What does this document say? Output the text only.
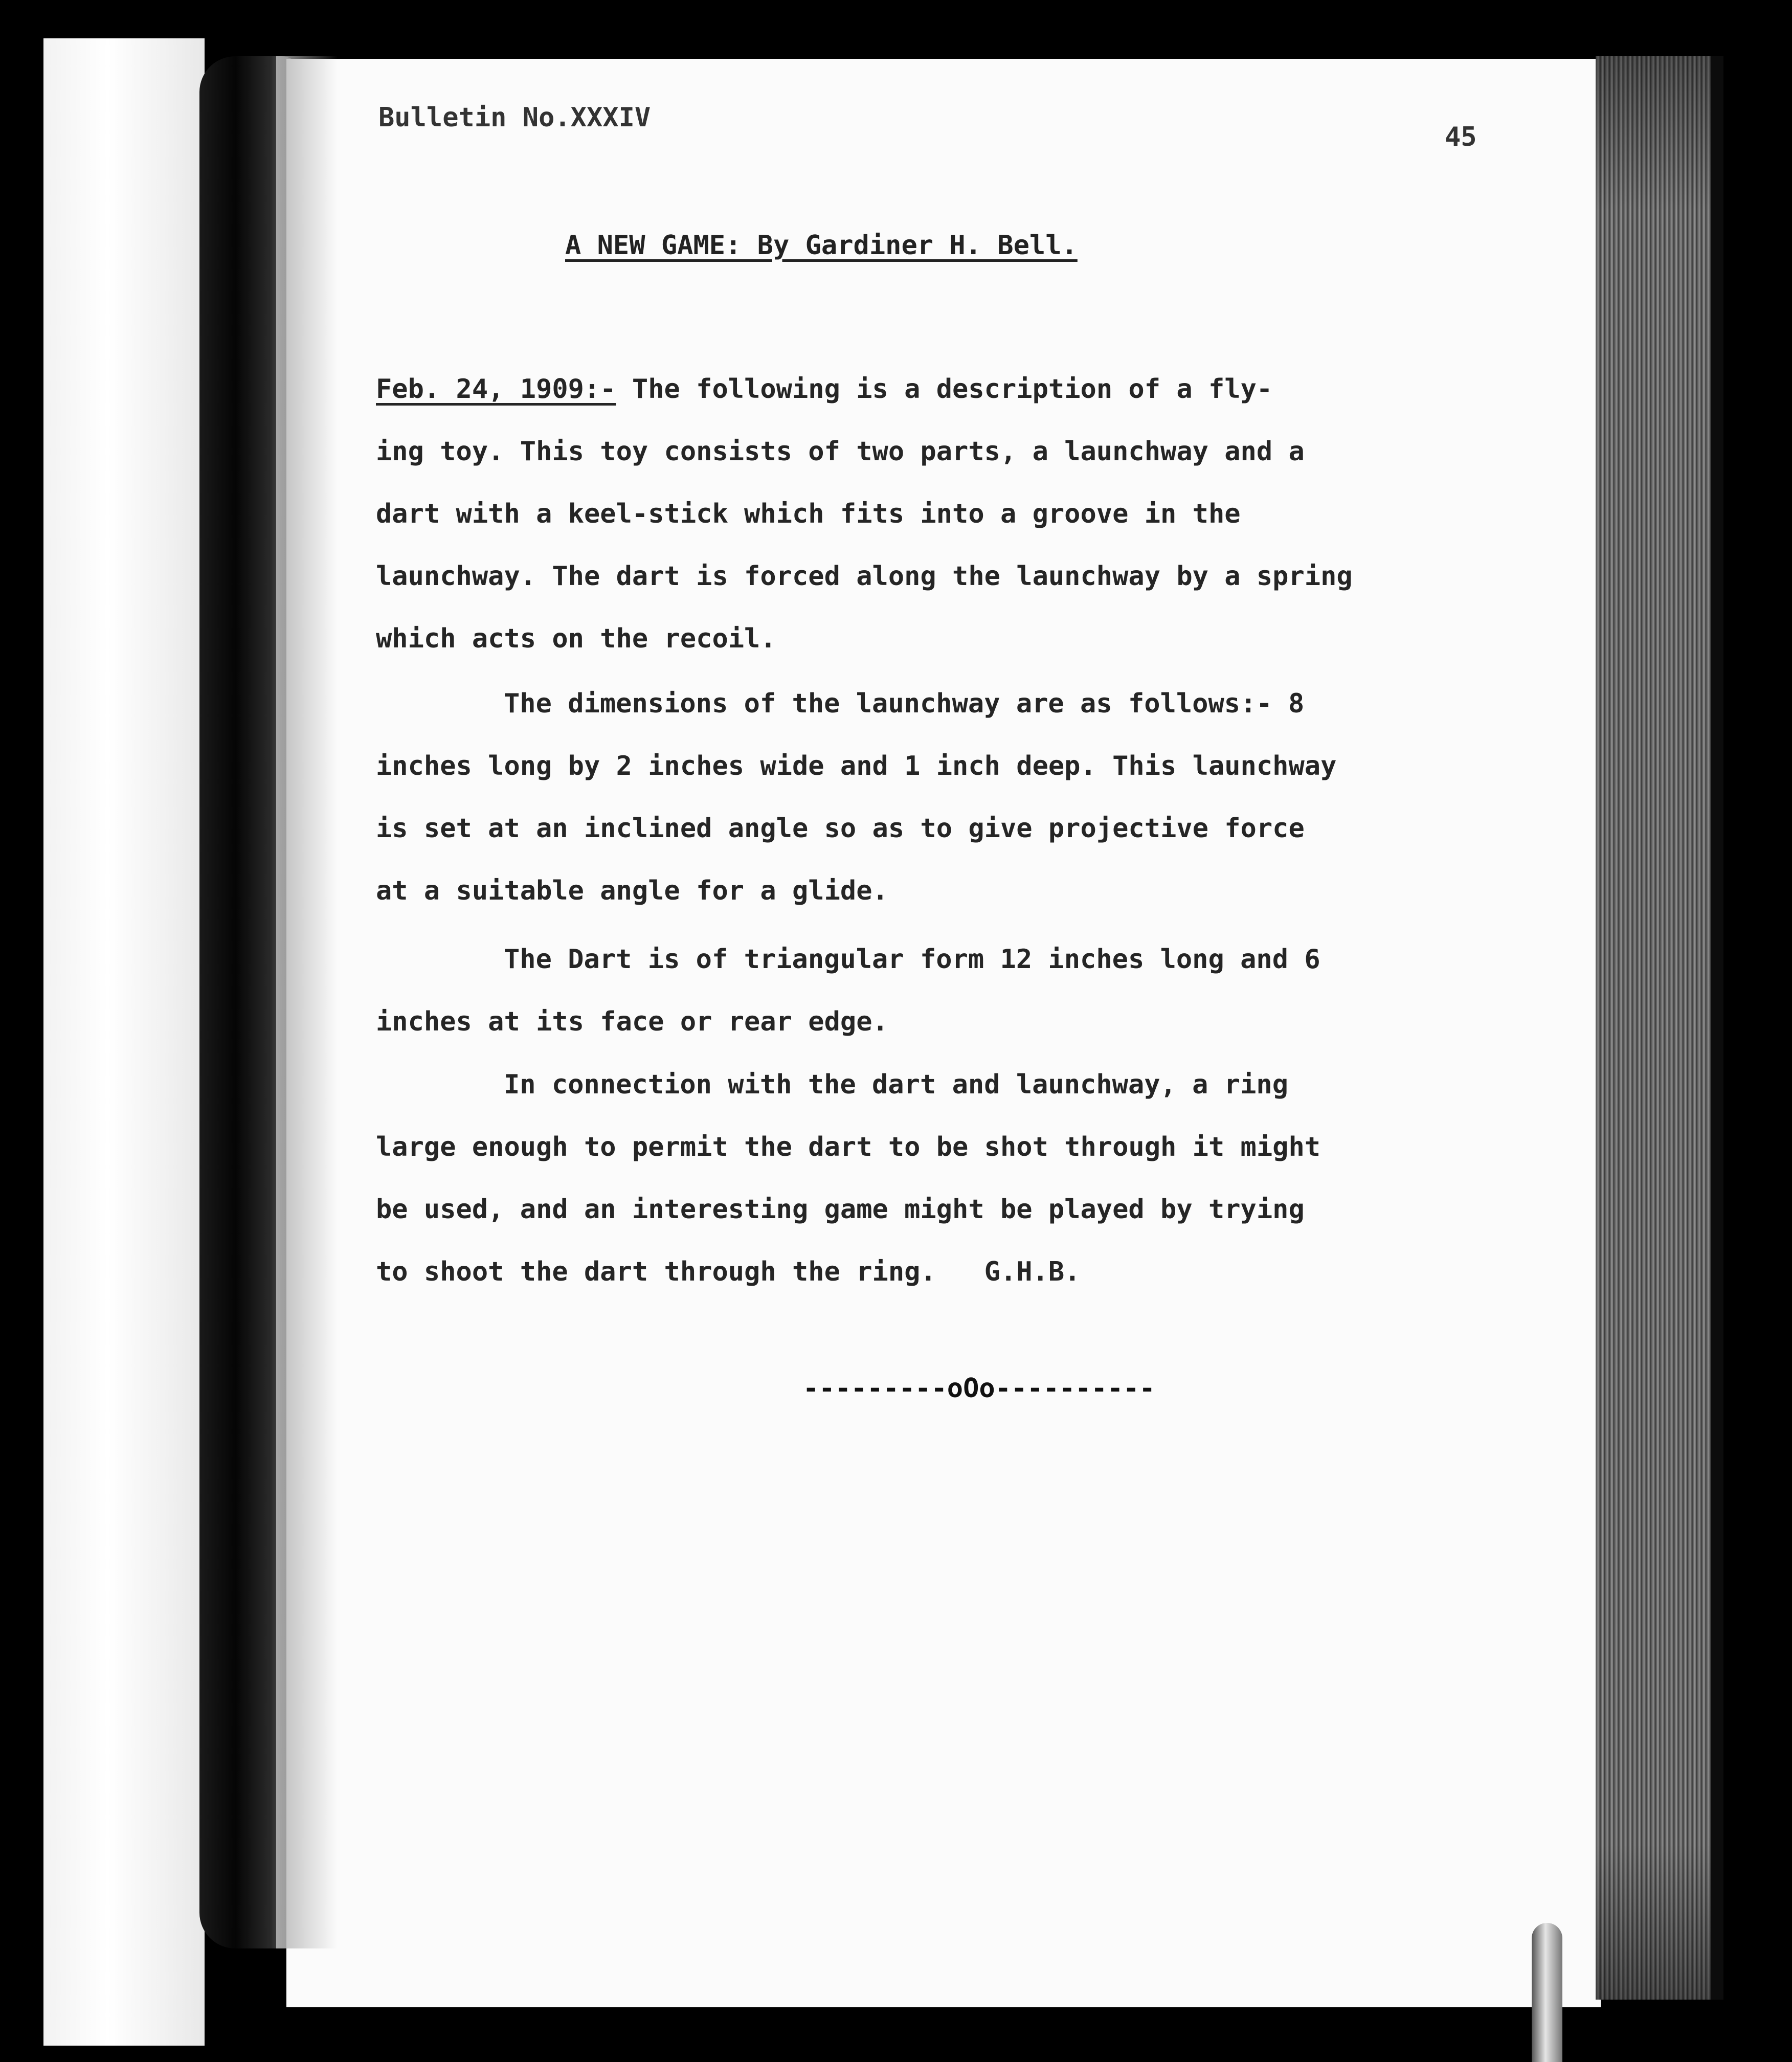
Bulletin No.XXXIV
45
A NEW GAME: By Gardiner H. Bell.
Feb. 24, 1909:- The following is a description of a fly-
ing toy. This toy consists of two parts, a launchway and a
dart with a keel-stick which fits into a groove in the
launchway. The dart is forced along the launchway by a spring
which acts on the recoil.
The dimensions of the launchway are as follows:- 8
inches long by 2 inches wide and 1 inch deep. This launchway
is set at an inclined angle so as to give projective force
at a suitable angle for a glide.
The Dart is of triangular form 12 inches long and 6
inches at its face or rear edge.
In connection with the dart and launchway, a ring
large enough to permit the dart to be shot through it might
be used, and an interesting game might be played by trying
to shoot the dart through the ring.   G.H.B.
---------oOo----------
